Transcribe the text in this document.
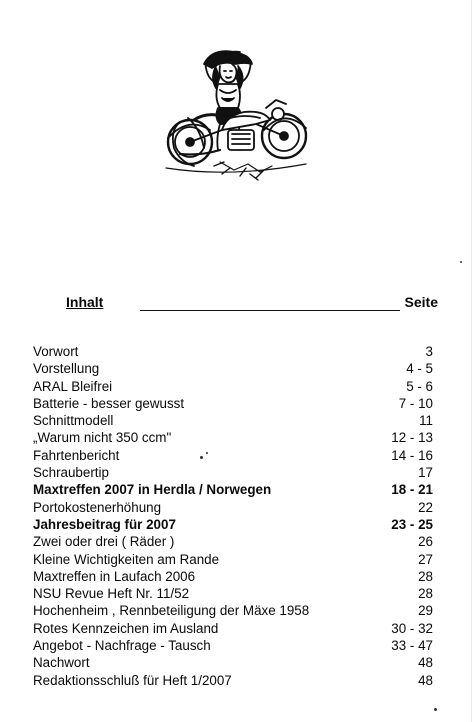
Inhalt	Seite
Vorwort	3
Vorstellung	4 - 5
ARAL Bleifrei	5 - 6
Batterie - besser gewusst	7 - 10
Schnittmodell	11
„Warum nicht 350 ccm"	12 - 13
Fahrtenbericht	14 - 16
Schraubertip	17
Maxtreffen 2007 in Herdla / Norwegen	18 - 21
Portokostenerhöhung	22
Jahresbeitrag für 2007	23 - 25
Zwei oder drei ( Räder )	26
Kleine Wichtigkeiten am Rande	27
Maxtreffen in Laufach 2006	28
NSU Revue Heft Nr. 11/52	28
Hochenheim , Rennbeteiligung der Mäxe 1958	29
Rotes Kennzeichen im Ausland	30 - 32
Angebot - Nachfrage - Tausch	33 - 47
Nachwort	48
Redaktionsschluß für Heft 1/2007	48
